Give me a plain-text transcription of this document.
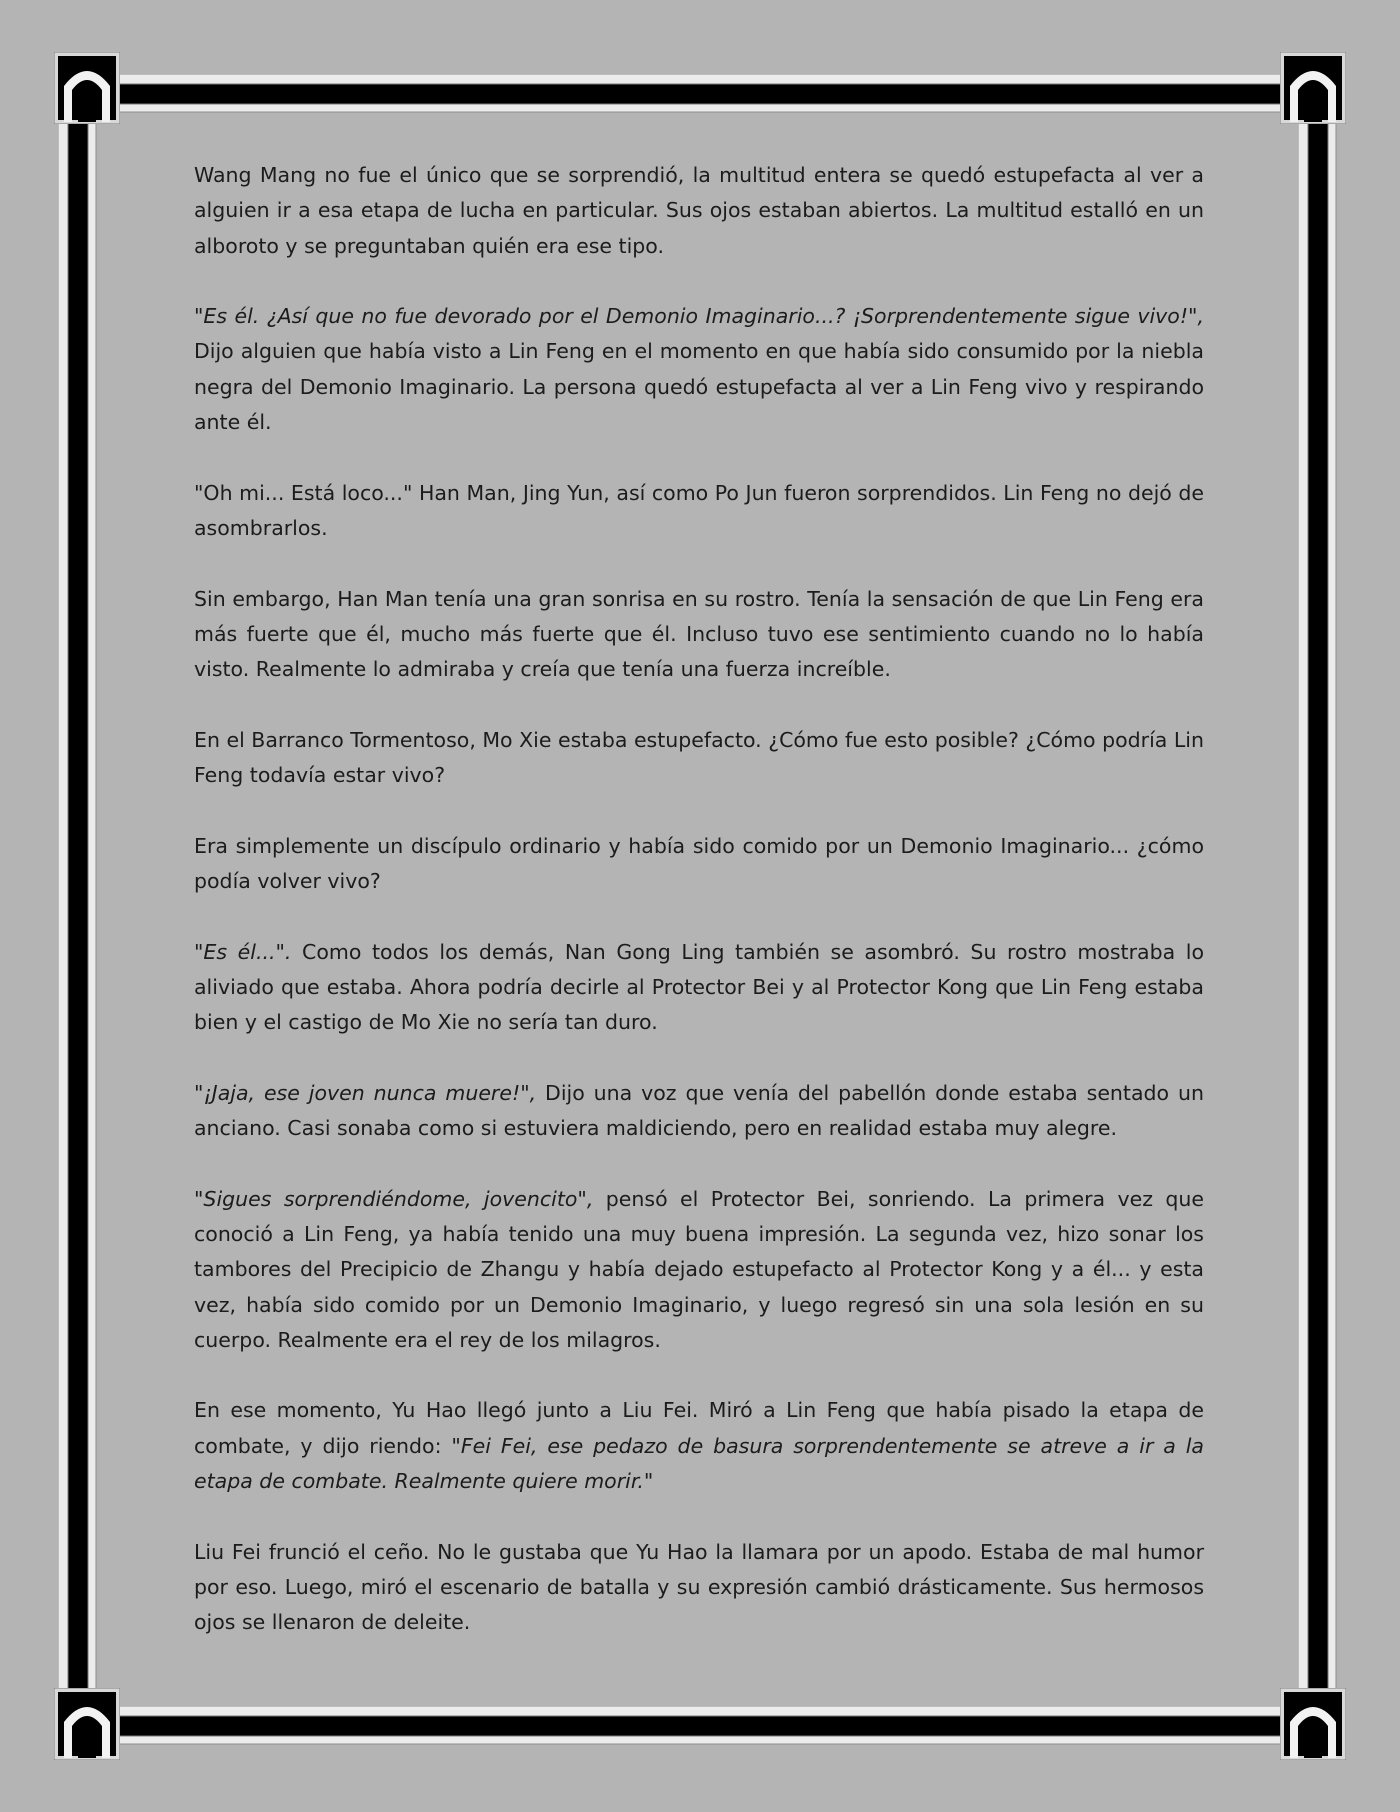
Wang Mang no fue el único que se sorprendió, la multitud entera se quedó estupefacta al ver a alguien ir a esa etapa de lucha en particular. Sus ojos estaban abiertos. La multitud estalló en un alboroto y se preguntaban quién era ese tipo.

"Es él. ¿Así que no fue devorado por el Demonio Imaginario...? ¡Sorprendentemente sigue vivo!", Dijo alguien que había visto a Lin Feng en el momento en que había sido consumido por la niebla negra del Demonio Imaginario. La persona quedó estupefacta al ver a Lin Feng vivo y respirando ante él.

"Oh mi... Está loco..." Han Man, Jing Yun, así como Po Jun fueron sorprendidos. Lin Feng no dejó de asombrarlos.

Sin embargo, Han Man tenía una gran sonrisa en su rostro. Tenía la sensación de que Lin Feng era más fuerte que él, mucho más fuerte que él. Incluso tuvo ese sentimiento cuando no lo había visto. Realmente lo admiraba y creía que tenía una fuerza increíble.

En el Barranco Tormentoso, Mo Xie estaba estupefacto. ¿Cómo fue esto posible? ¿Cómo podría Lin Feng todavía estar vivo?

Era simplemente un discípulo ordinario y había sido comido por un Demonio Imaginario... ¿cómo podía volver vivo?

"Es él...". Como todos los demás, Nan Gong Ling también se asombró. Su rostro mostraba lo aliviado que estaba. Ahora podría decirle al Protector Bei y al Protector Kong que Lin Feng estaba bien y el castigo de Mo Xie no sería tan duro.

"¡Jaja, ese joven nunca muere!", Dijo una voz que venía del pabellón donde estaba sentado un anciano. Casi sonaba como si estuviera maldiciendo, pero en realidad estaba muy alegre.

"Sigues sorprendiéndome, jovencito", pensó el Protector Bei, sonriendo. La primera vez que conoció a Lin Feng, ya había tenido una muy buena impresión. La segunda vez, hizo sonar los tambores del Precipicio de Zhangu y había dejado estupefacto al Protector Kong y a él... y esta vez, había sido comido por un Demonio Imaginario, y luego regresó sin una sola lesión en su cuerpo. Realmente era el rey de los milagros.

En ese momento, Yu Hao llegó junto a Liu Fei. Miró a Lin Feng que había pisado la etapa de combate, y dijo riendo: "Fei Fei, ese pedazo de basura sorprendentemente se atreve a ir a la etapa de combate. Realmente quiere morir."

Liu Fei frunció el ceño. No le gustaba que Yu Hao la llamara por un apodo. Estaba de mal humor por eso. Luego, miró el escenario de batalla y su expresión cambió drásticamente. Sus hermosos ojos se llenaron de deleite.
